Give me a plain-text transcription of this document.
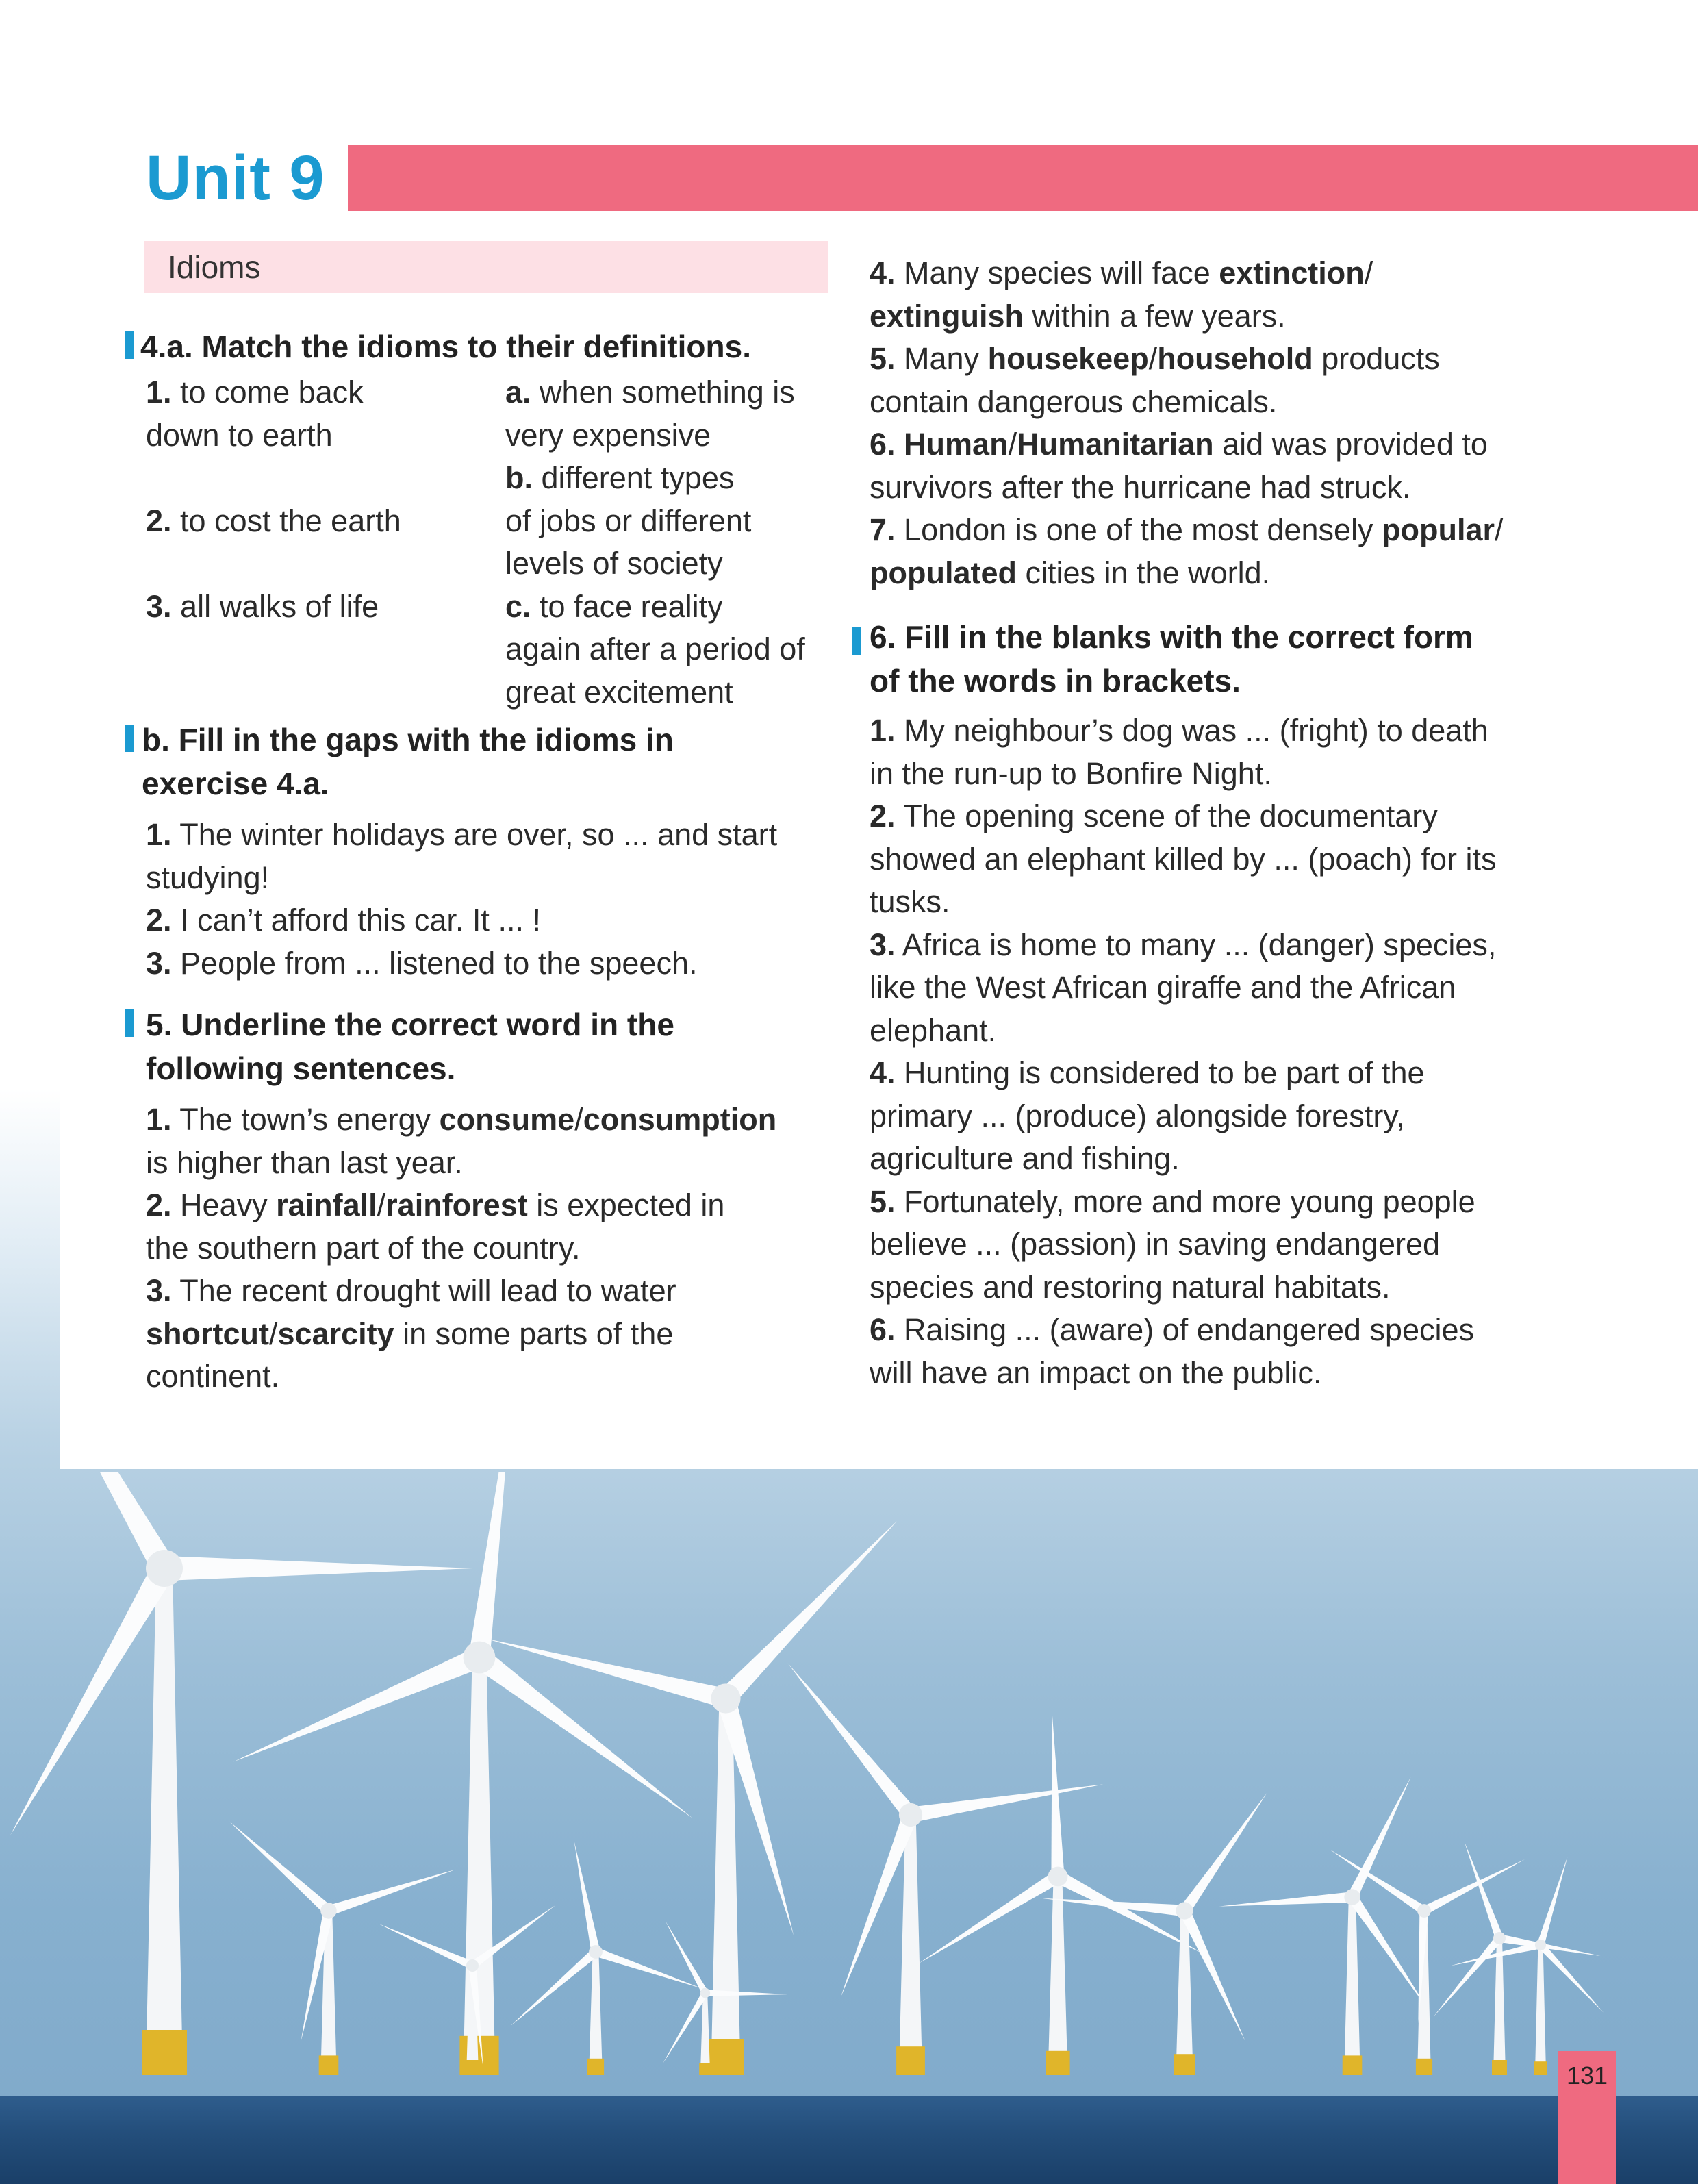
Unit 9
Idioms
4.a. Match the idioms to their definitions.
1. to come back
down to earth
2. to cost the earth
3. all walks of life
a. when something is
very expensive
b. different types
of jobs or different
levels of society
c. to face reality
again after a period of
great excitement
b. Fill in the gaps with the idioms in
exercise 4.a.
1. The winter holidays are over, so ... and start
studying!
2. I can’t afford this car. It ... !
3. People from ... listened to the speech.
5. Underline the correct word in the
following sentences.
1. The town’s energy consume/consumption
is higher than last year.
2. Heavy rainfall/rainforest is expected in
the southern part of the country.
3. The recent drought will lead to water
shortcut/scarcity in some parts of the
continent.
4. Many species will face extinction/
extinguish within a few years.
5. Many housekeep/household products
contain dangerous chemicals.
6. Human/Humanitarian aid was provided to
survivors after the hurricane had struck.
7. London is one of the most densely popular/
populated cities in the world.
6. Fill in the blanks with the correct form
of the words in brackets.
1. My neighbour’s dog was ... (fright) to death
in the run-up to Bonfire Night.
2. The opening scene of the documentary
showed an elephant killed by ... (poach) for its
tusks.
3. Africa is home to many ... (danger) species,
like the West African giraffe and the African
elephant.
4. Hunting is considered to be part of the
primary ... (produce) alongside forestry,
agriculture and fishing.
5. Fortunately, more and more young people
believe ... (passion) in saving endangered
species and restoring natural habitats.
6. Raising ... (aware) of endangered species
will have an impact on the public.
131
